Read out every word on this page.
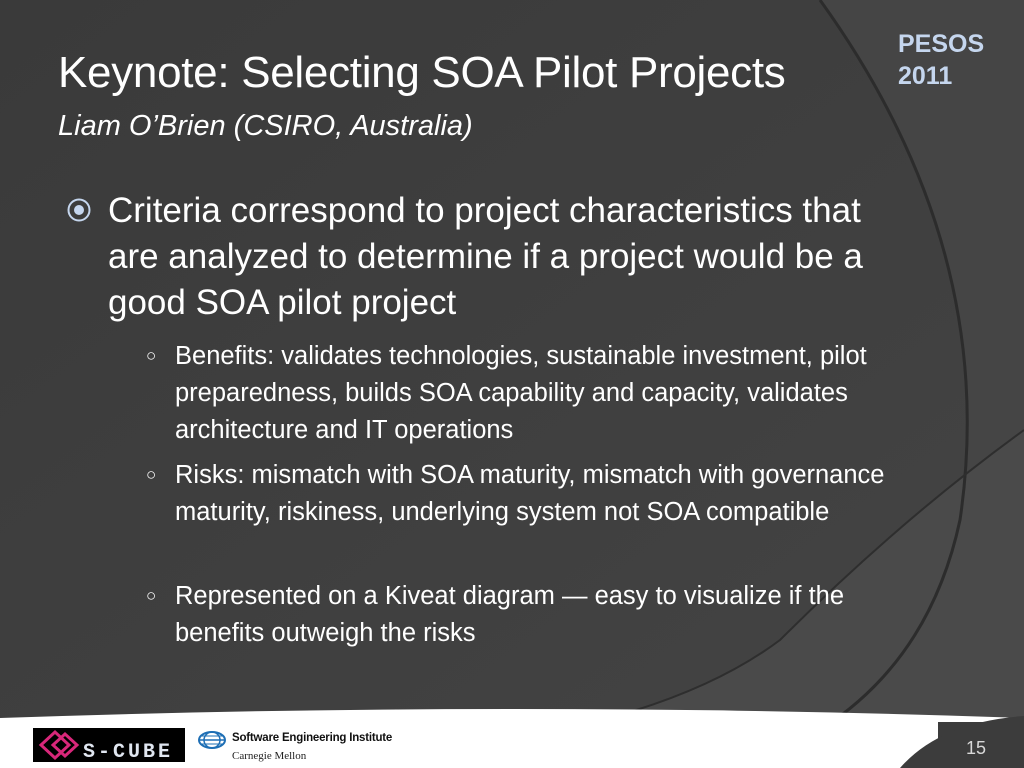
Keynote: Selecting SOA Pilot Projects
Liam O’Brien (CSIRO, Australia)
PESOS
2011
Criteria correspond to project characteristics that are analyzed to determine if a project would be a good SOA pilot project
○ Benefits: validates technologies, sustainable investment, pilot preparedness, builds SOA capability and capacity, validates architecture and IT operations
○ Risks: mismatch with SOA maturity, mismatch with governance maturity, riskiness, underlying system not SOA compatible
○ Represented on a Kiveat diagram — easy to visualize if the benefits outweigh the risks
S-CUBE
Software Engineering Institute
Carnegie Mellon	15
